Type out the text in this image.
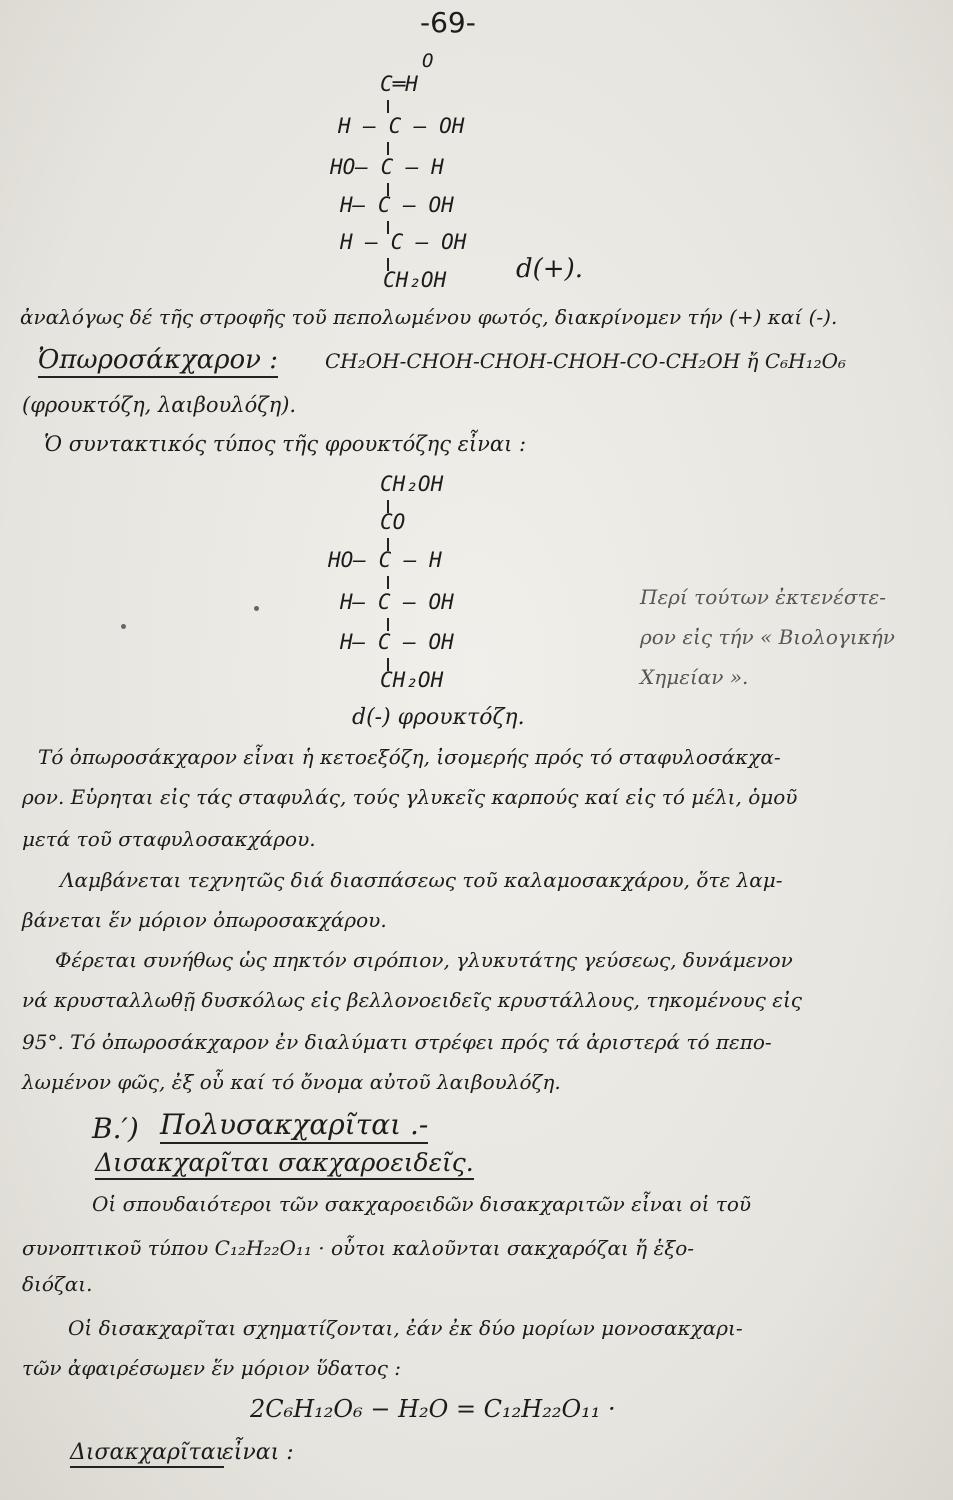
-69-
O
C═H
H — C — OH
HO— C — H
H— C — OH
H — C — OH
CH₂OH	d(+).
ἀναλόγως δέ τῆς στροφῆς τοῦ πεπολωμένου φωτός, διακρίνομεν τήν (+) καί (-).
Ὀπωροσάκχαρον : CH₂OH-CHOH-CHOH-CHOH-CO-CH₂OH ἤ C₆H₁₂O₆
(φρουκτόζη, λαιβουλόζη).
Ὁ συντακτικός τύπος τῆς φρουκτόζης εἶναι :
CH₂OH
CO
HO— C — H
H— C — OH
H— C — OH
CH₂OH
d(-) φρουκτόζη.
Περί τούτων ἐκτενέστε-
ρον εἰς τήν « Βιολογικήν
Χημείαν ».
Τό ὀπωροσάκχαρον εἶναι ἡ κετοεξόζη, ἰσομερής πρός τό σταφυλοσάκχα-
ρον. Εὑρηται εἰς τάς σταφυλάς, τούς γλυκεῖς καρπούς καί εἰς τό μέλι, ὁμοῦ
μετά τοῦ σταφυλοσακχάρου.
Λαμβάνεται τεχνητῶς διά διασπάσεως τοῦ καλαμοσακχάρου, ὅτε λαμ-
βάνεται ἕν μόριον ὀπωροσακχάρου.
Φέρεται συνήθως ὡς πηκτόν σιρόπιον, γλυκυτάτης γεύσεως, δυνάμενον
νά κρυσταλλωθῇ δυσκόλως εἰς βελλονοειδεῖς κρυστάλλους, τηκομένους εἰς
95°. Τό ὀπωροσάκχαρον ἐν διαλύματι στρέφει πρός τά ἀριστερά τό πεπο-
λωμένον φῶς, ἐξ οὗ καί τό ὄνομα αὐτοῦ λαιβουλόζη.
B.′) Πολυσακχαρῖται .-
Δισακχαρῖται σακχαροειδεῖς.
Οἱ σπουδαιότεροι τῶν σακχαροειδῶν δισακχαριτῶν εἶναι οἱ τοῦ
συνοπτικοῦ τύπου C₁₂H₂₂O₁₁ · οὗτοι καλοῦνται σακχαρόζαι ἤ ἑξο-
διόζαι.
Οἱ δισακχαρῖται σχηματίζονται, ἐάν ἐκ δύο μορίων μονοσακχαρι-
τῶν ἀφαιρέσωμεν ἕν μόριον ὕδατος :
2C₆H₁₂O₆ − H₂O = C₁₂H₂₂O₁₁ ·
Δισακχαρῖται
εἶναι :
